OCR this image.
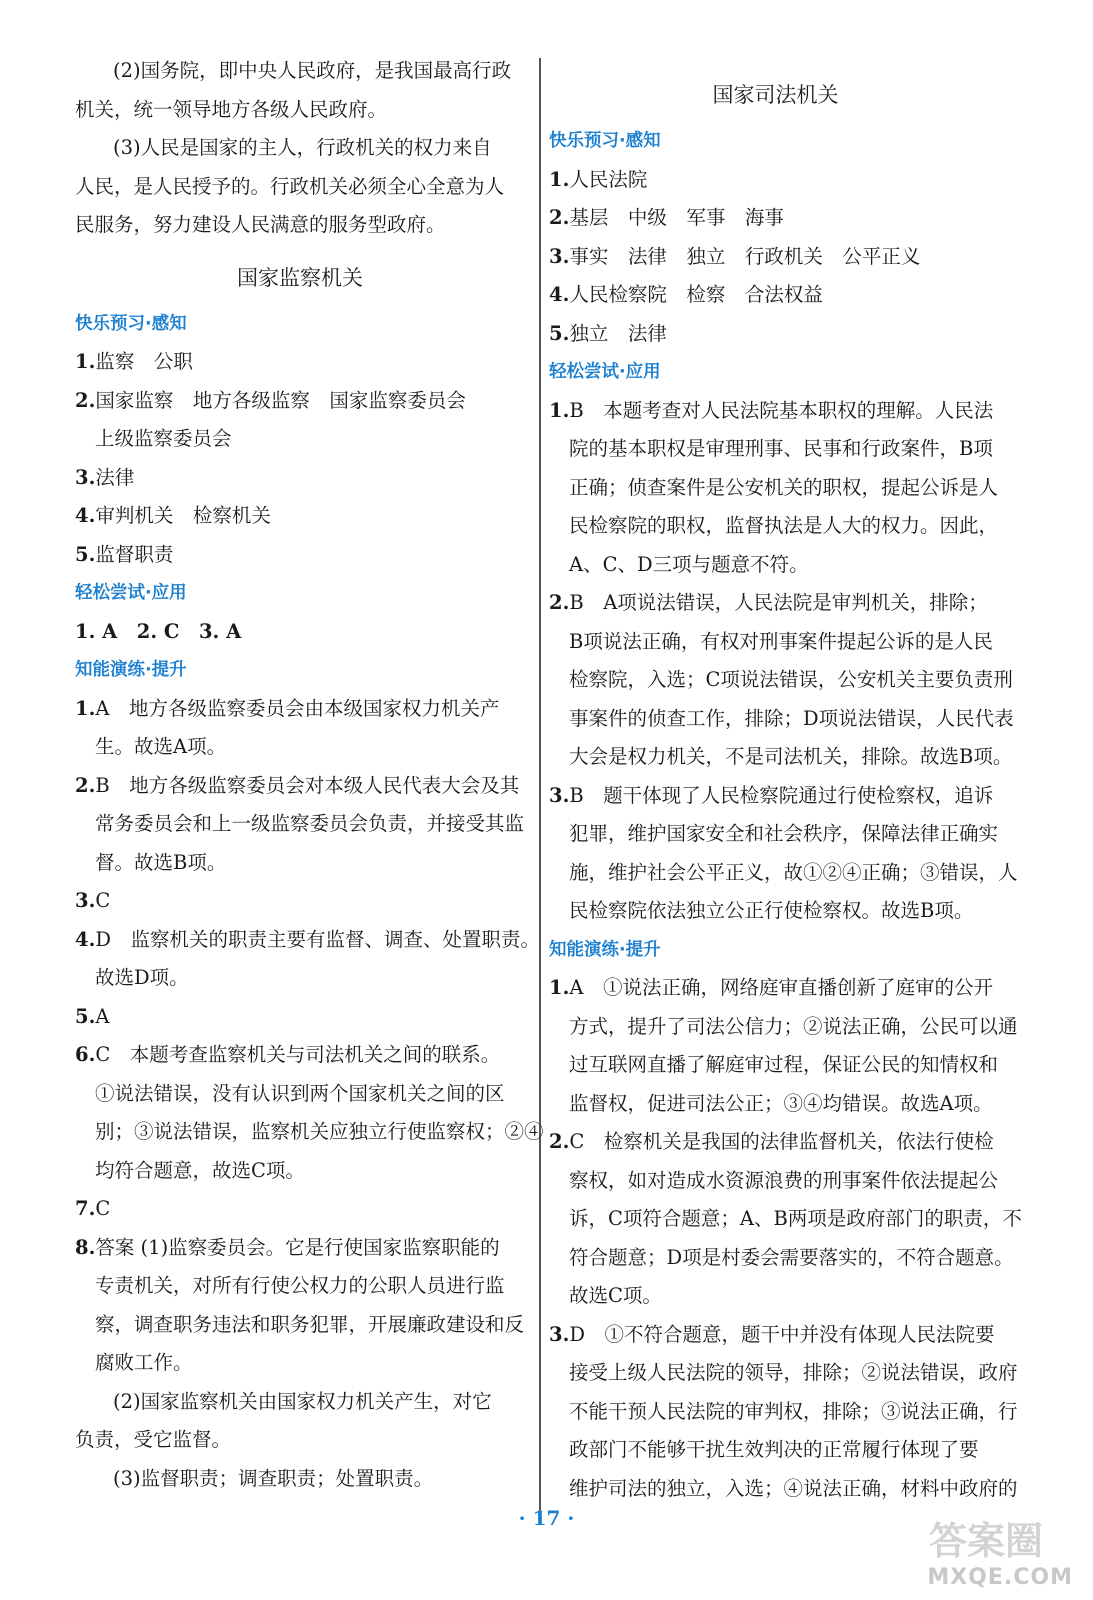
(2)国务院，即中央人民政府，是我国最高行政
机关，统一领导地方各级人民政府。
(3)人民是国家的主人，行政机关的权力来自
人民，是人民授予的。行政机关必须全心全意为人
民服务，努力建设人民满意的服务型政府。
国家监察机关
快乐预习·感知
1.监察　公职
2.国家监察　地方各级监察　国家监察委员会
上级监察委员会
3.法律
4.审判机关　检察机关
5.监督职责
轻松尝试·应用
1. A　2. C　3. A
知能演练·提升
1.A　地方各级监察委员会由本级国家权力机关产
生。故选A项。
2.B　地方各级监察委员会对本级人民代表大会及其
常务委员会和上一级监察委员会负责，并接受其监
督。故选B项。
3.C
4.D　监察机关的职责主要有监督、调查、处置职责。
故选D项。
5.A
6.C　本题考查监察机关与司法机关之间的联系。
①说法错误，没有认识到两个国家机关之间的区
别；③说法错误，监察机关应独立行使监察权；②④
均符合题意，故选C项。
7.C
8.答案 (1)监察委员会。它是行使国家监察职能的
专责机关，对所有行使公权力的公职人员进行监
察，调查职务违法和职务犯罪，开展廉政建设和反
腐败工作。
(2)国家监察机关由国家权力机关产生，对它
负责，受它监督。
(3)监督职责；调查职责；处置职责。
国家司法机关
快乐预习·感知
1.人民法院
2.基层　中级　军事　海事
3.事实　法律　独立　行政机关　公平正义
4.人民检察院　检察　合法权益
5.独立　法律
轻松尝试·应用
1.B　本题考查对人民法院基本职权的理解。人民法
院的基本职权是审理刑事、民事和行政案件，B项
正确；侦查案件是公安机关的职权，提起公诉是人
民检察院的职权，监督执法是人大的权力。因此，
A、C、D三项与题意不符。
2.B　A项说法错误，人民法院是审判机关，排除；
B项说法正确，有权对刑事案件提起公诉的是人民
检察院，入选；C项说法错误，公安机关主要负责刑
事案件的侦查工作，排除；D项说法错误，人民代表
大会是权力机关，不是司法机关，排除。故选B项。
3.B　题干体现了人民检察院通过行使检察权，追诉
犯罪，维护国家安全和社会秩序，保障法律正确实
施，维护社会公平正义，故①②④正确；③错误，人
民检察院依法独立公正行使检察权。故选B项。
知能演练·提升
1.A　①说法正确，网络庭审直播创新了庭审的公开
方式，提升了司法公信力；②说法正确，公民可以通
过互联网直播了解庭审过程，保证公民的知情权和
监督权，促进司法公正；③④均错误。故选A项。
2.C　检察机关是我国的法律监督机关，依法行使检
察权，如对造成水资源浪费的刑事案件依法提起公
诉，C项符合题意；A、B两项是政府部门的职责，不
符合题意；D项是村委会需要落实的，不符合题意。
故选C项。
3.D　①不符合题意，题干中并没有体现人民法院要
接受上级人民法院的领导，排除；②说法错误，政府
不能干预人民法院的审判权，排除；③说法正确，行
政部门不能够干扰生效判决的正常履行体现了要
维护司法的独立，入选；④说法正确，材料中政府的
· 17 ·
答案圈
MXQE.COM
